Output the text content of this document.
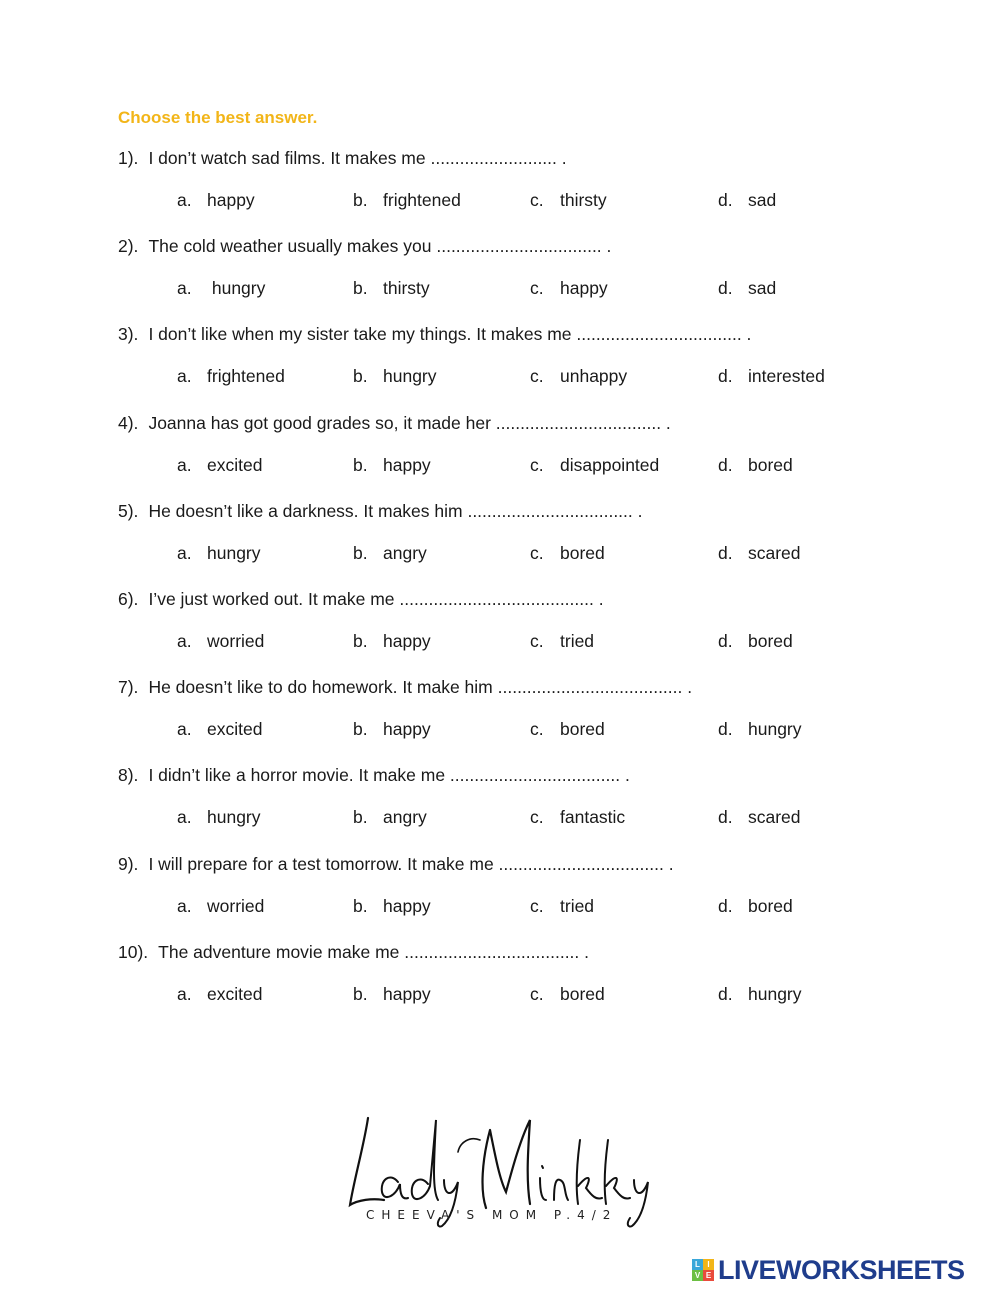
Choose the best answer.
1). I don’t watch sad films. It makes me .......................... .
a. happy	b. frightened	c. thirsty	d. sad
2). The cold weather usually makes you .................................. .
a. hungry	b. thirsty	c. happy	d. sad
3). I don’t like when my sister take my things. It makes me .................................. .
a. frightened	b. hungry	c. unhappy	d. interested
4). Joanna has got good grades so, it made her .................................. .
a. excited	b. happy	c. disappointed	d. bored
5). He doesn’t like a darkness. It makes him .................................. .
a. hungry	b. angry	c. bored	d. scared
6). I’ve just worked out. It make me ........................................ .
a. worried	b. happy	c. tried	d. bored
7). He doesn’t like to do homework. It make him ...................................... .
a. excited	b. happy	c. bored	d. hungry
8). I didn’t like a horror movie. It make me ................................... .
a. hungry	b. angry	c. fantastic	d. scared
9). I will prepare for a test tomorrow. It make me .................................. .
a. worried	b. happy	c. tried	d. bored
10). The adventure movie make me .................................... .
a. excited	b. happy	c. bored	d. hungry
CHEEVA'S MOM P.4/2
L I
V E LIVEWORKSHEETS
